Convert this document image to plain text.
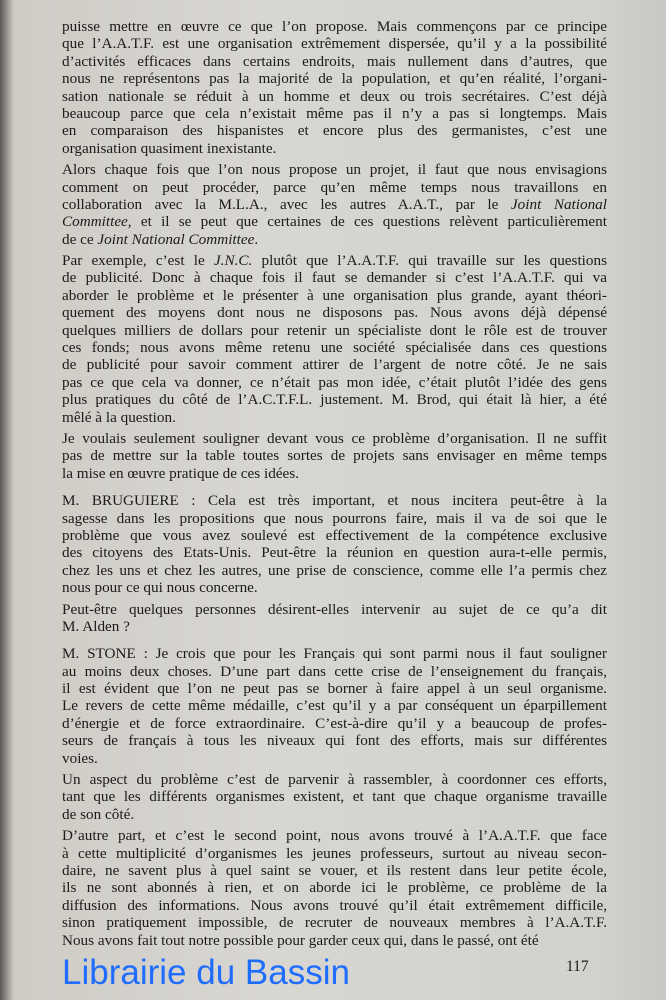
puisse mettre en œuvre ce que l’on propose. Mais commençons par ce principe
que l’A.A.T.F. est une organisation extrêmement dispersée, qu’il y a la possibilité
d’activités efficaces dans certains endroits, mais nullement dans d’autres, que
nous ne représentons pas la majorité de la population, et qu’en réalité, l’organi-
sation nationale se réduit à un homme et deux ou trois secrétaires. C’est déjà
beaucoup parce que cela n’existait même pas il n’y a pas si longtemps. Mais
en comparaison des hispanistes et encore plus des germanistes, c’est une
organisation quasiment inexistante.
Alors chaque fois que l’on nous propose un projet, il faut que nous envisagions
comment on peut procéder, parce qu’en même temps nous travaillons en
collaboration avec la M.L.A., avec les autres A.A.T., par le Joint National
Committee, et il se peut que certaines de ces questions relèvent particulièrement
de ce Joint National Committee.
Par exemple, c’est le J.N.C. plutôt que l’A.A.T.F. qui travaille sur les questions
de publicité. Donc à chaque fois il faut se demander si c’est l’A.A.T.F. qui va
aborder le problème et le présenter à une organisation plus grande, ayant théori-
quement des moyens dont nous ne disposons pas. Nous avons déjà dépensé
quelques milliers de dollars pour retenir un spécialiste dont le rôle est de trouver
ces fonds; nous avons même retenu une société spécialisée dans ces questions
de publicité pour savoir comment attirer de l’argent de notre côté. Je ne sais
pas ce que cela va donner, ce n’était pas mon idée, c’était plutôt l’idée des gens
plus pratiques du côté de l’A.C.T.F.L. justement. M. Brod, qui était là hier, a été
mêlé à la question.
Je voulais seulement souligner devant vous ce problème d’organisation. Il ne suffit
pas de mettre sur la table toutes sortes de projets sans envisager en même temps
la mise en œuvre pratique de ces idées.
M. BRUGUIERE : Cela est très important, et nous incitera peut-être à la
sagesse dans les propositions que nous pourrons faire, mais il va de soi que le
problème que vous avez soulevé est effectivement de la compétence exclusive
des citoyens des Etats-Unis. Peut-être la réunion en question aura-t-elle permis,
chez les uns et chez les autres, une prise de conscience, comme elle l’a permis chez
nous pour ce qui nous concerne.
Peut-être quelques personnes désirent-elles intervenir au sujet de ce qu’a dit
M. Alden ?
M. STONE : Je crois que pour les Français qui sont parmi nous il faut souligner
au moins deux choses. D’une part dans cette crise de l’enseignement du français,
il est évident que l’on ne peut pas se borner à faire appel à un seul organisme.
Le revers de cette même médaille, c’est qu’il y a par conséquent un éparpillement
d’énergie et de force extraordinaire. C’est-à-dire qu’il y a beaucoup de profes-
seurs de français à tous les niveaux qui font des efforts, mais sur différentes
voies.
Un aspect du problème c’est de parvenir à rassembler, à coordonner ces efforts,
tant que les différents organismes existent, et tant que chaque organisme travaille
de son côté.
D’autre part, et c’est le second point, nous avons trouvé à l’A.A.T.F. que face
à cette multiplicité d’organismes les jeunes professeurs, surtout au niveau secon-
daire, ne savent plus à quel saint se vouer, et ils restent dans leur petite école,
ils ne sont abonnés à rien, et on aborde ici le problème, ce problème de la
diffusion des informations. Nous avons trouvé qu’il était extrêmement difficile,
sinon pratiquement impossible, de recruter de nouveaux membres à l’A.A.T.F.
Nous avons fait tout notre possible pour garder ceux qui, dans le passé, ont été
117
Librairie du Bassin
